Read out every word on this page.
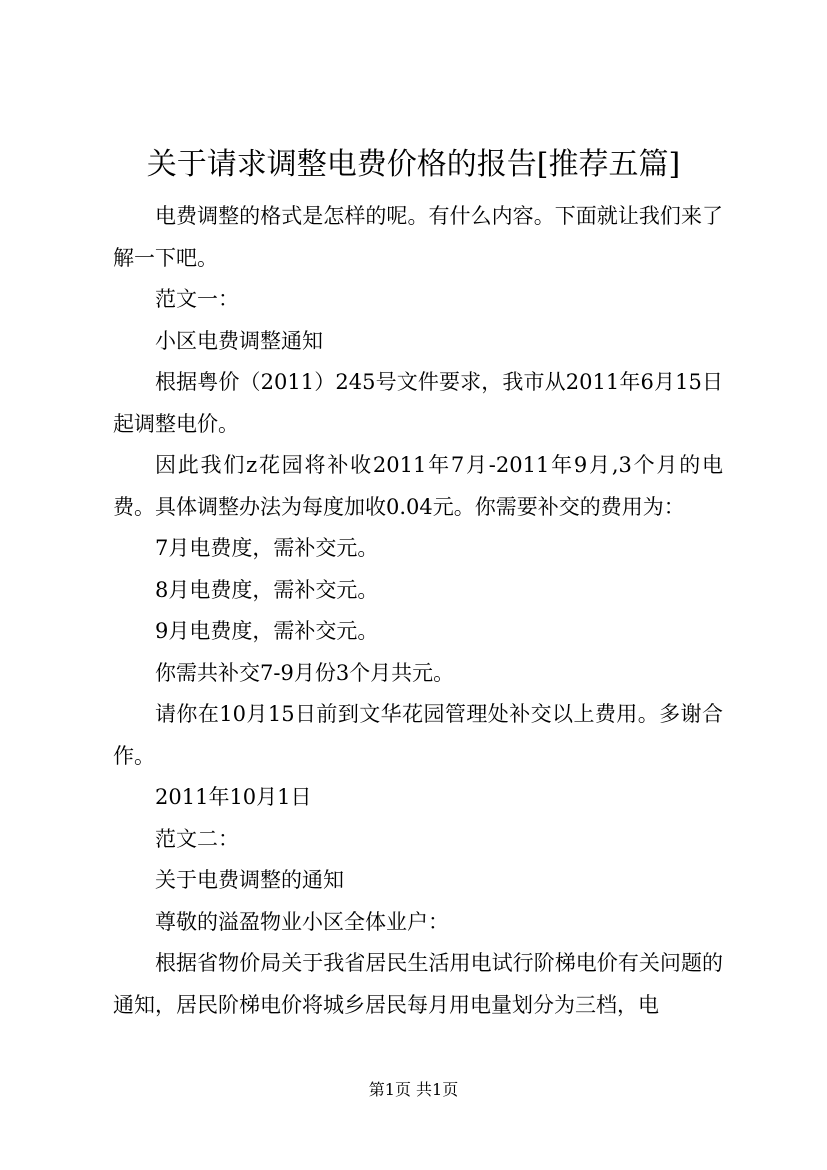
关于请求调整电费价格的报告[推荐五篇]

电费调整的格式是怎样的呢。有什么内容。下面就让我们来了解一下吧。

范文一：

小区电费调整通知

根据粤价（2011）245号文件要求，我市从2011年6月15日起调整电价。

因此我们z花园将补收2011年7月-2011年9月,3个月的电费。具体调整办法为每度加收0.04元。你需要补交的费用为：

7月电费度，需补交元。

8月电费度，需补交元。

9月电费度，需补交元。

你需共补交7-9月份3个月共元。

请你在10月15日前到文华花园管理处补交以上费用。多谢合作。

2011年10月1日

范文二：

关于电费调整的通知

尊敬的溢盈物业小区全体业户：

根据省物价局关于我省居民生活用电试行阶梯电价有关问题的通知，居民阶梯电价将城乡居民每月用电量划分为三档，电

第1页 共1页
